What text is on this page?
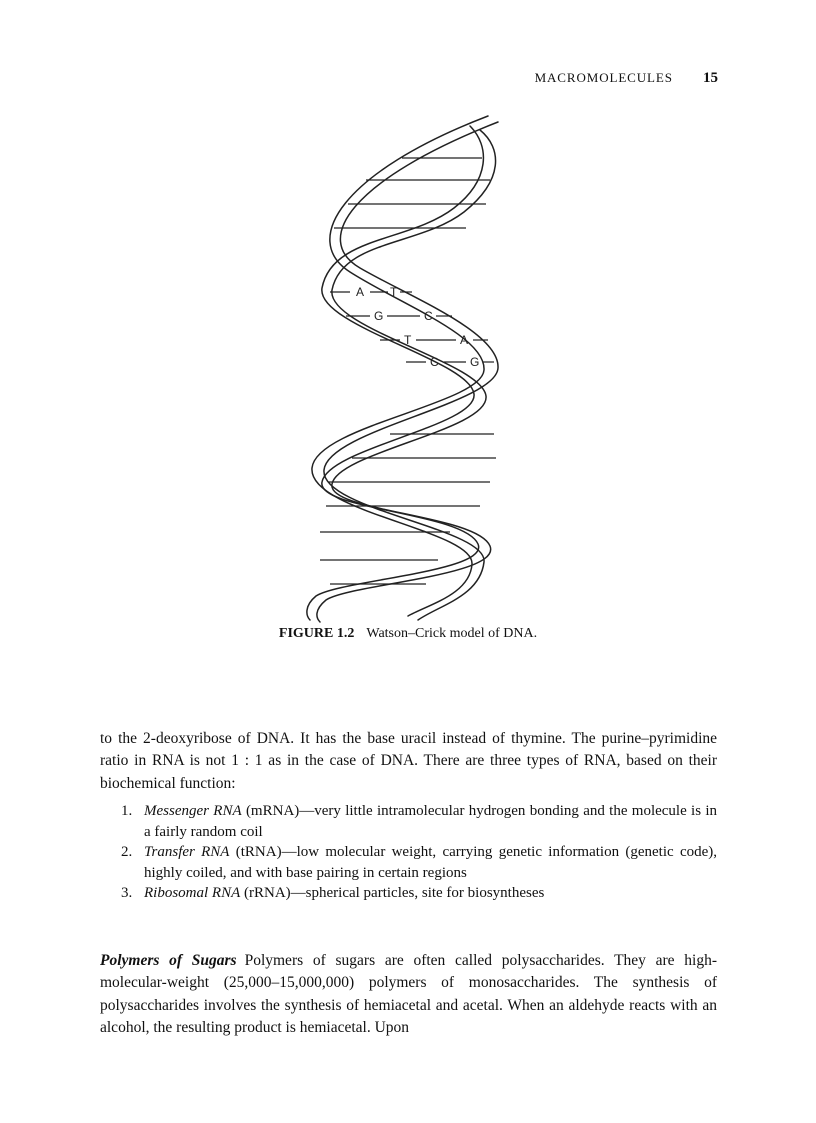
MACROMOLECULES 15
A T
G	C
T	A
C	G
FIGURE 1.2 Watson–Crick model of DNA.

to the 2-deoxyribose of DNA. It has the base uracil instead of thymine. The purine–pyrimidine ratio in RNA is not 1 : 1 as in the case of DNA. There are three types of RNA, based on their biochemical function:

1. Messenger RNA (mRNA)—very little intramolecular hydrogen bonding and the molecule is in a fairly random coil
2. Transfer RNA (tRNA)—low molecular weight, carrying genetic information (genetic code), highly coiled, and with base pairing in certain regions
3. Ribosomal RNA (rRNA)—spherical particles, site for biosyntheses

Polymers of Sugars Polymers of sugars are often called polysaccharides. They are high-molecular-weight (25,000–15,000,000) polymers of monosaccharides. The synthesis of polysaccharides involves the synthesis of hemiacetal and acetal. When an aldehyde reacts with an alcohol, the resulting product is hemiacetal. Upon
